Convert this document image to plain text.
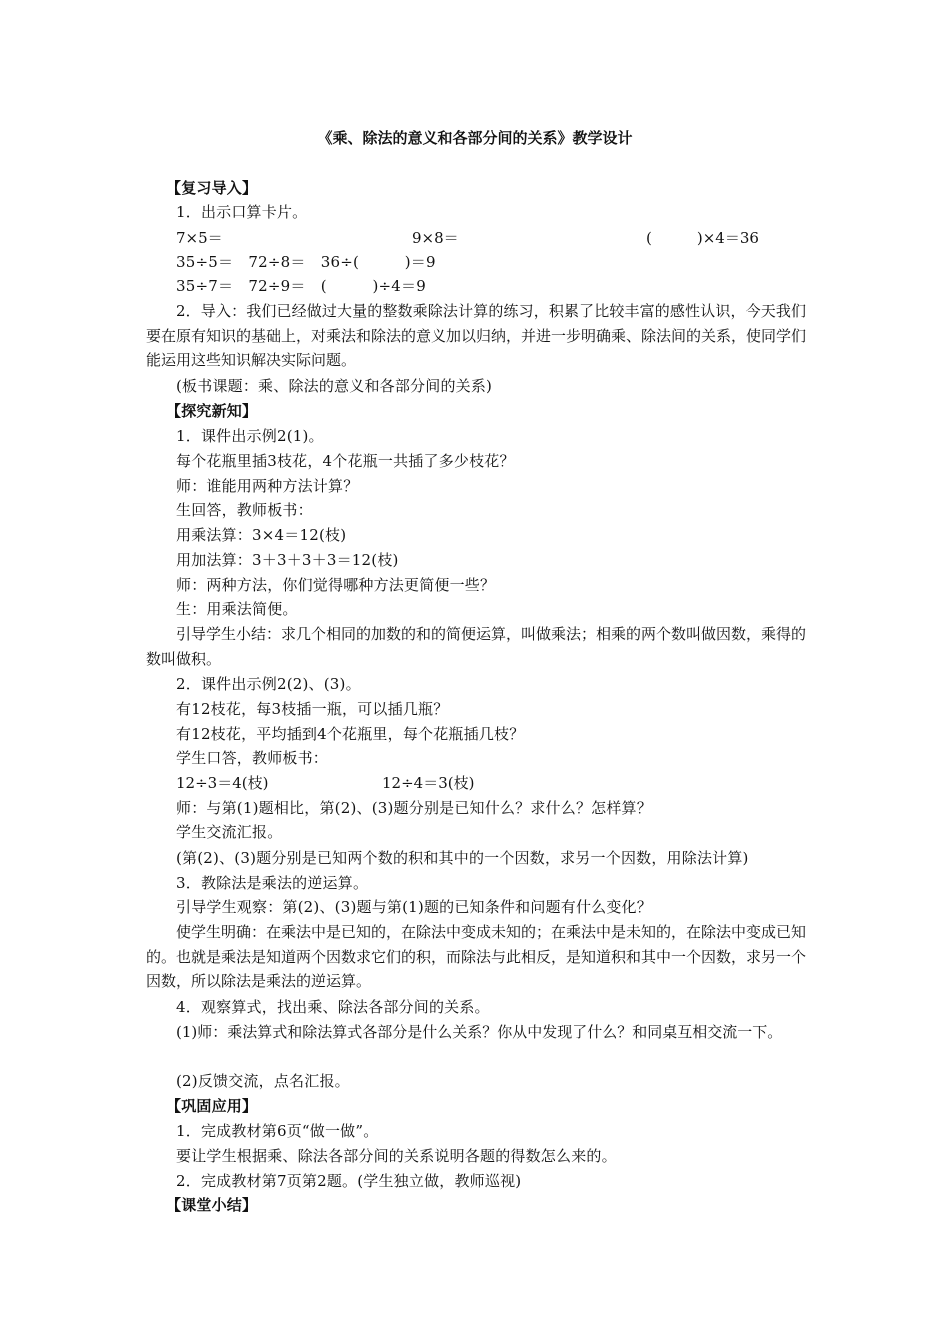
《乘、除法的意义和各部分间的关系》教学设计
【复习导入】
1．出示口算卡片。
7×5＝	9×8＝	(　　　)×4＝36
35÷5＝　72÷8＝　36÷(　　　)＝9
35÷7＝　72÷9＝　(　　　)÷4＝9
2．导入：我们已经做过大量的整数乘除法计算的练习，积累了比较丰富的感性认识，今天我们要在原有知识的基础上，对乘法和除法的意义加以归纳，并进一步明确乘、除法间的关系，使同学们能运用这些知识解决实际问题。
(板书课题：乘、除法的意义和各部分间的关系)
【探究新知】
1．课件出示例2(1)。
每个花瓶里插3枝花，4个花瓶一共插了多少枝花？
师：谁能用两种方法计算？
生回答，教师板书：
用乘法算：3×4＝12(枝)
用加法算：3＋3＋3＋3＝12(枝)
师：两种方法，你们觉得哪种方法更简便一些？
生：用乘法简便。
引导学生小结：求几个相同的加数的和的简便运算，叫做乘法；相乘的两个数叫做因数，乘得的数叫做积。
2．课件出示例2(2)、(3)。
有12枝花，每3枝插一瓶，可以插几瓶？
有12枝花，平均插到4个花瓶里，每个花瓶插几枝？
学生口答，教师板书：
12÷3＝4(枝)	12÷4＝3(枝)
师：与第(1)题相比，第(2)、(3)题分别是已知什么？求什么？怎样算？
学生交流汇报。
(第(2)、(3)题分别是已知两个数的积和其中的一个因数，求另一个因数，用除法计算)
3．教除法是乘法的逆运算。
引导学生观察：第(2)、(3)题与第(1)题的已知条件和问题有什么变化？
使学生明确：在乘法中是已知的，在除法中变成未知的；在乘法中是未知的，在除法中变成已知的。也就是乘法是知道两个因数求它们的积，而除法与此相反，是知道积和其中一个因数，求另一个因数，所以除法是乘法的逆运算。
4．观察算式，找出乘、除法各部分间的关系。
(1)师：乘法算式和除法算式各部分是什么关系？你从中发现了什么？和同桌互相交流一下。
(2)反馈交流，点名汇报。
【巩固应用】
1．完成教材第6页“做一做”。
要让学生根据乘、除法各部分间的关系说明各题的得数怎么来的。
2．完成教材第7页第2题。(学生独立做，教师巡视)
【课堂小结】
